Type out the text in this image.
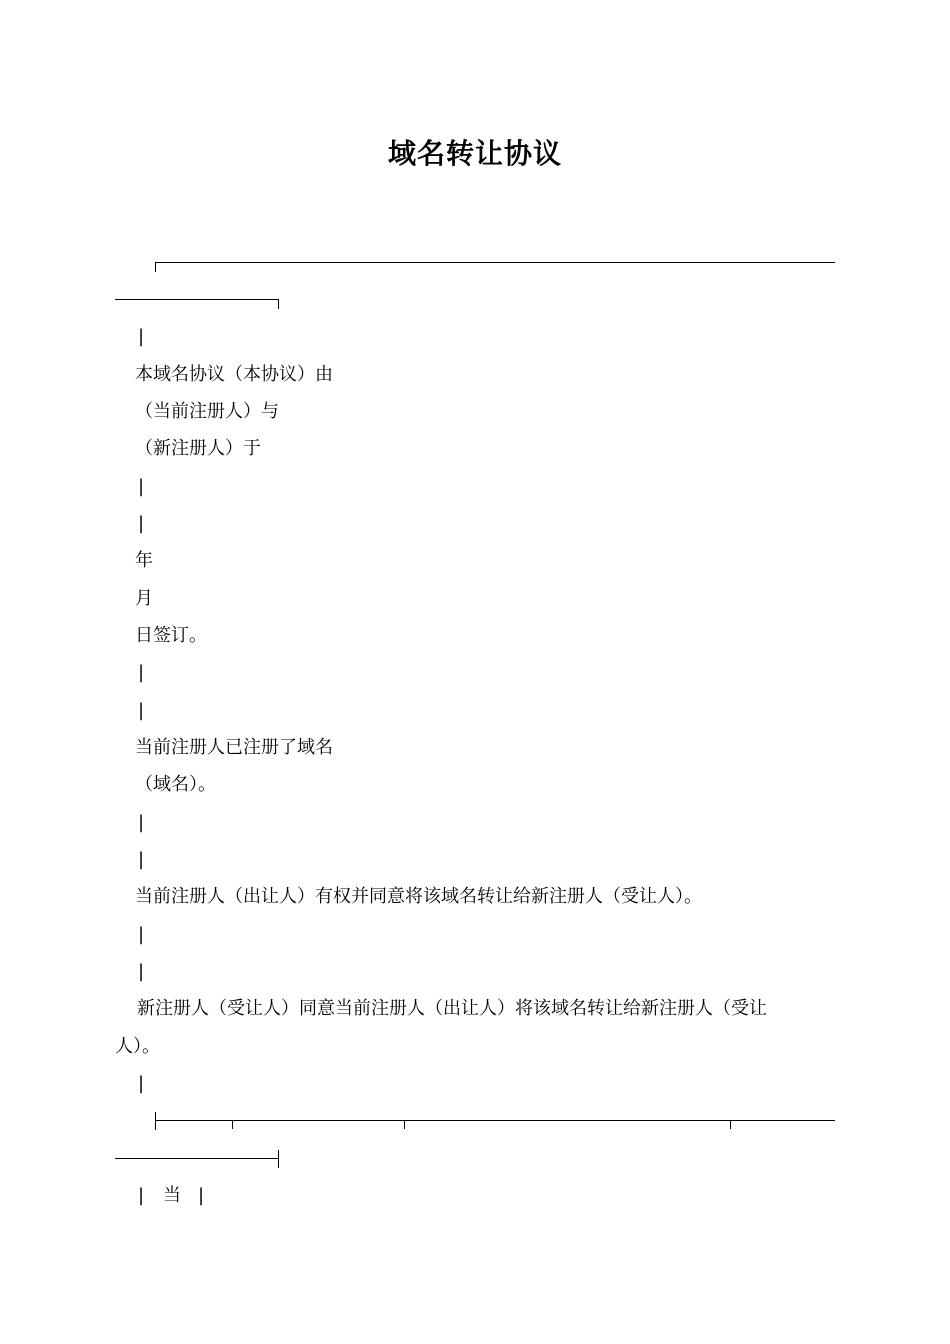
域名转让协议
|
本域名协议（本协议）由
（当前注册人）与
（新注册人）于
|
|
年
月
日签订。
|
|
当前注册人已注册了域名
（域名）。
|
|
当前注册人（出让人）有权并同意将该域名转让给新注册人（受让人）。
|
|
新注册人（受让人）同意当前注册人（出让人）将该域名转让给新注册人（受让
人）。
|
| 当 |
